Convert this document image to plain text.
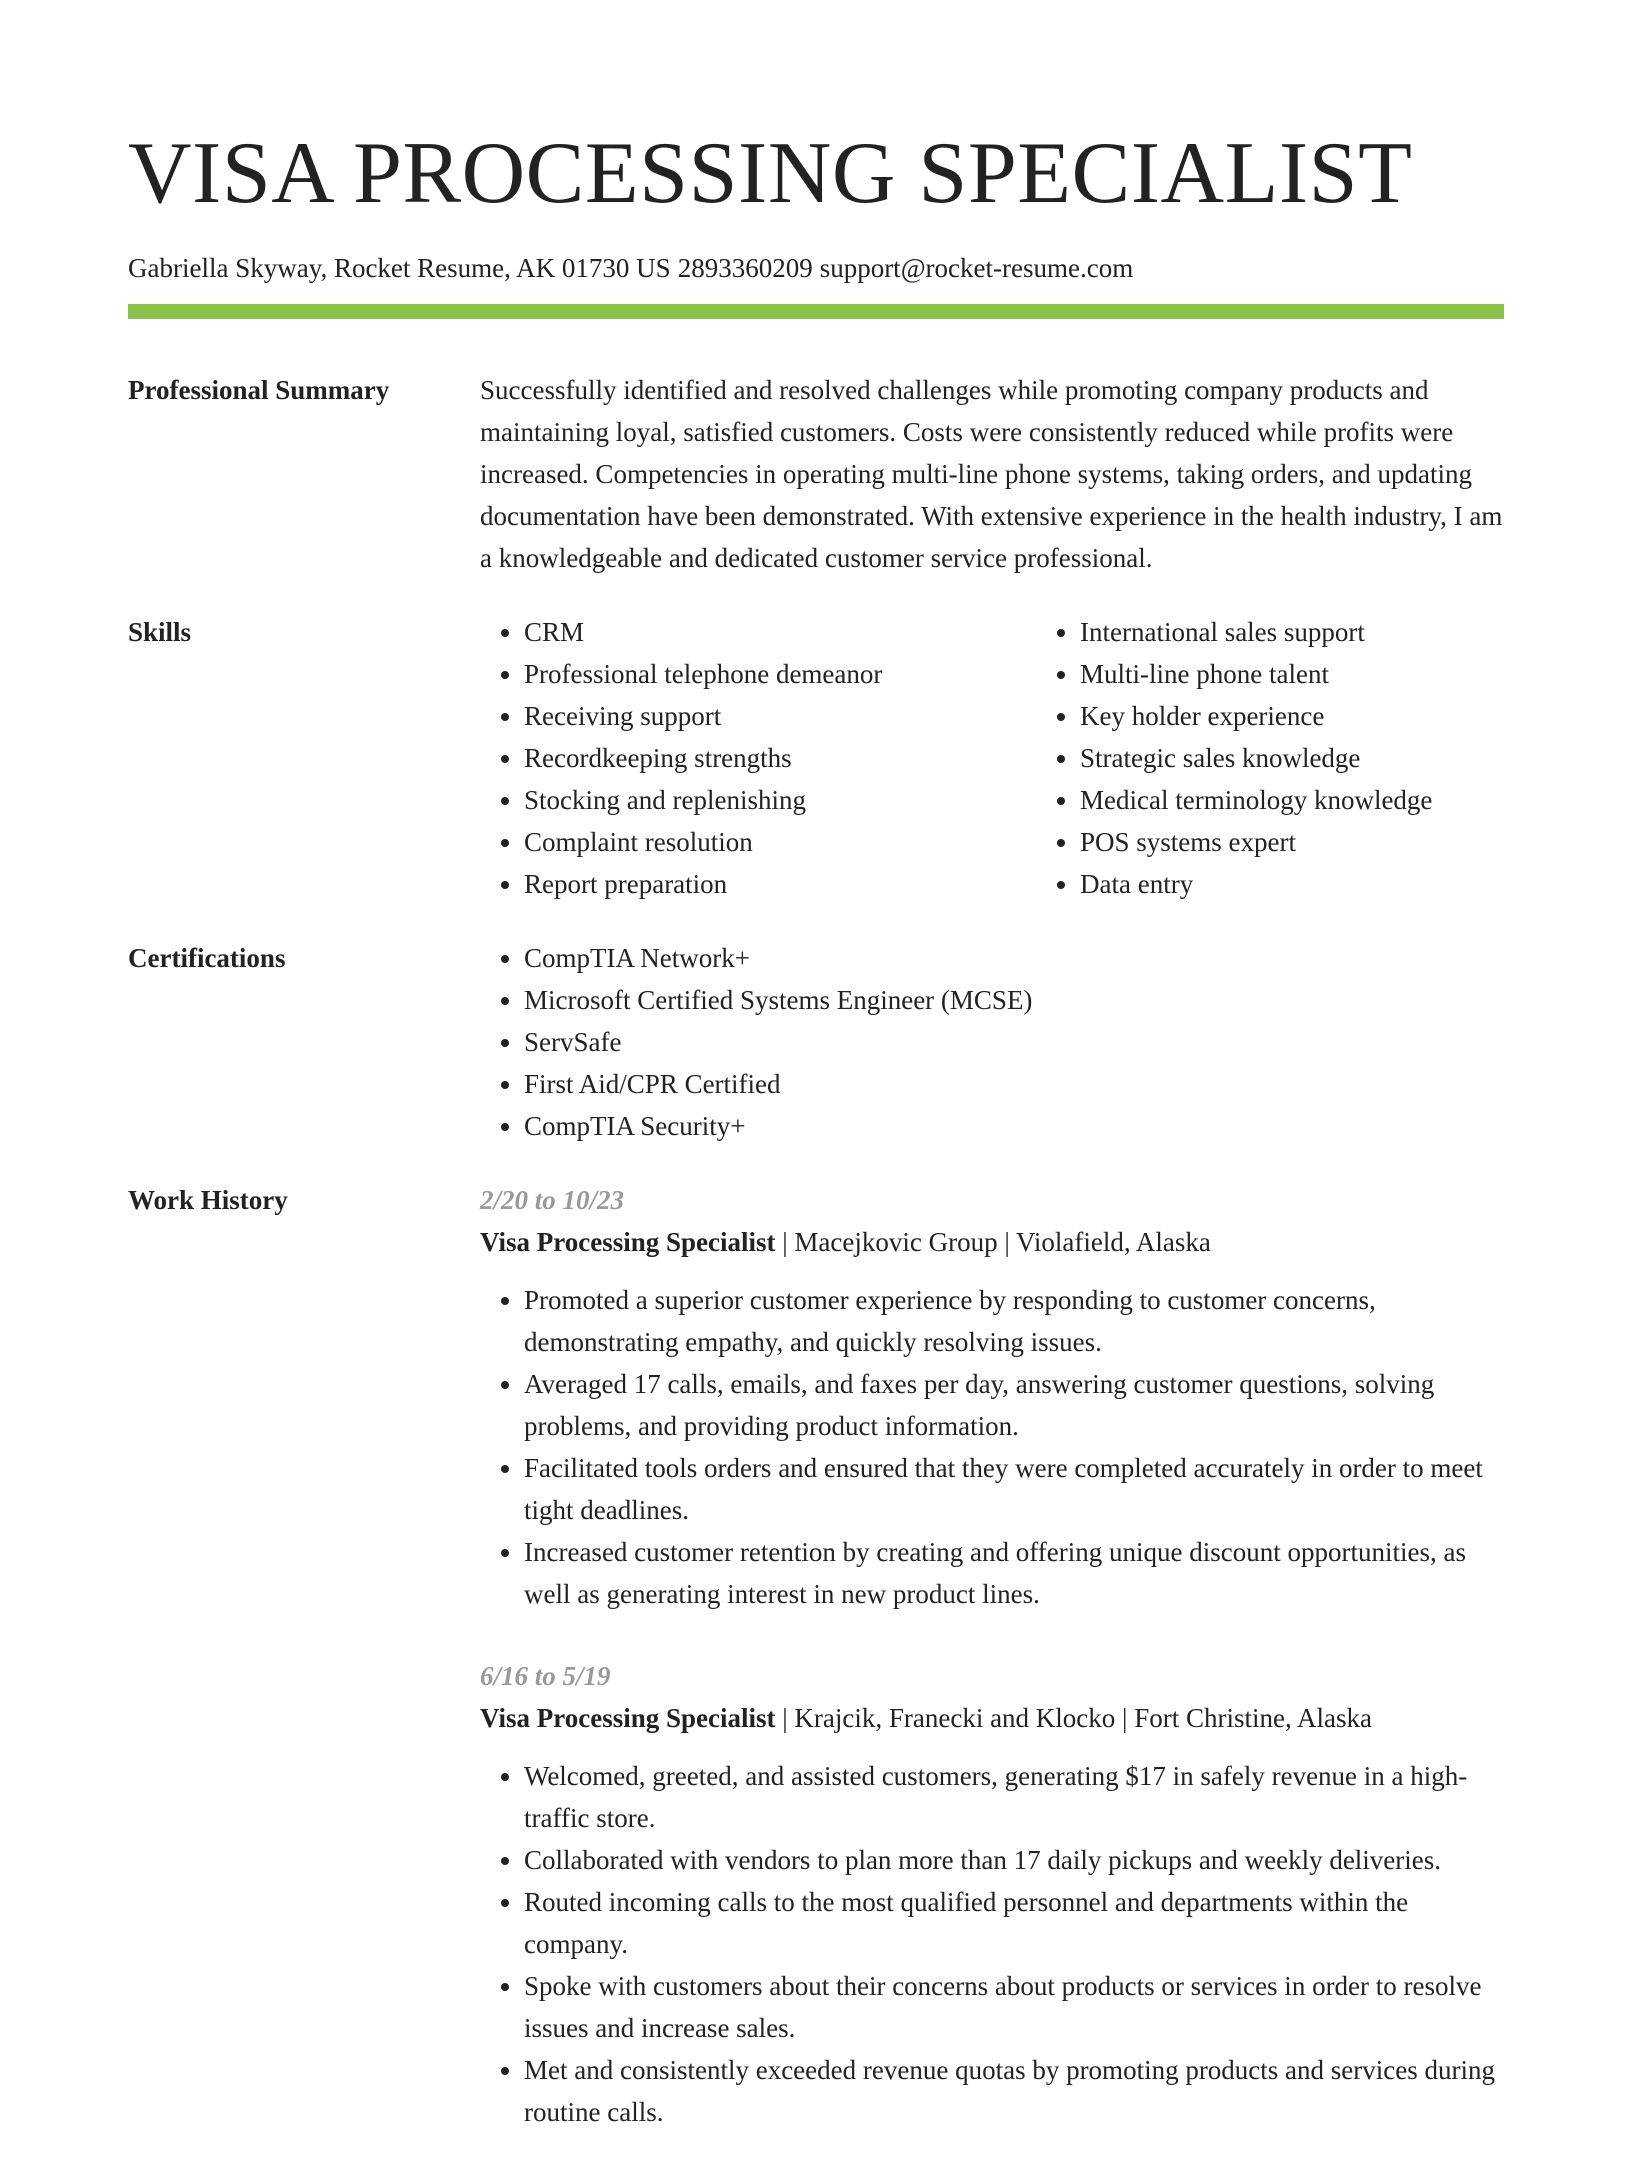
VISA PROCESSING SPECIALIST
Gabriella Skyway, Rocket Resume, AK 01730 US 2893360209 support@rocket-resume.com
Professional Summary	Successfully identified and resolved challenges while promoting company products and maintaining loyal, satisfied customers. Costs were consistently reduced while profits were increased. Competencies in operating multi-line phone systems, taking orders, and updating documentation have been demonstrated. With extensive experience in the health industry, I am a knowledgeable and dedicated customer service professional.

Skills	• CRM
• Professional telephone demeanor
• Receiving support
• Recordkeeping strengths
• Stocking and replenishing
• Complaint resolution
• Report preparation
• International sales support
• Multi-line phone talent
• Key holder experience
• Strategic sales knowledge
• Medical terminology knowledge
• POS systems expert
• Data entry
Certifications	• CompTIA Network+
• Microsoft Certified Systems Engineer (MCSE)
• ServSafe
• First Aid/CPR Certified
• CompTIA Security+
Work History	2/20 to 10/23
Visa Processing Specialist | Macejkovic Group | Violafield, Alaska
• Promoted a superior customer experience by responding to customer concerns, demonstrating empathy, and quickly resolving issues.
• Averaged 17 calls, emails, and faxes per day, answering customer questions, solving problems, and providing product information.
• Facilitated tools orders and ensured that they were completed accurately in order to meet tight deadlines.
• Increased customer retention by creating and offering unique discount opportunities, as well as generating interest in new product lines.
6/16 to 5/19
Visa Processing Specialist | Krajcik, Franecki and Klocko | Fort Christine, Alaska
• Welcomed, greeted, and assisted customers, generating $17 in safely revenue in a high-traffic store.
• Collaborated with vendors to plan more than 17 daily pickups and weekly deliveries.
• Routed incoming calls to the most qualified personnel and departments within the company.
• Spoke with customers about their concerns about products or services in order to resolve issues and increase sales.
• Met and consistently exceeded revenue quotas by promoting products and services during routine calls.
